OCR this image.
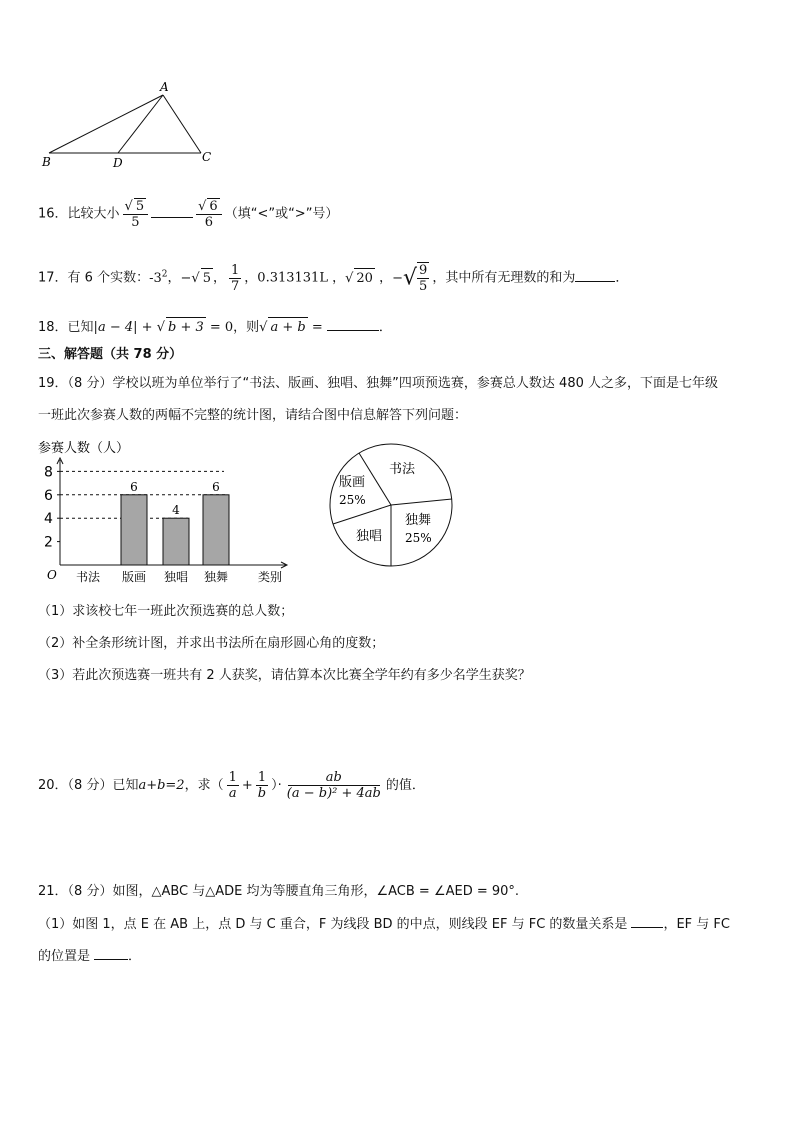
A
B	D	C
16．比较大小 $\frac{√ 5}{5}$	$\frac{√ 6}{6}$ （填“<”或“>”号）
17．有 6 个实数：$-3^2$，−√ 5 ， $\frac{1}{7}$ ，0.313131L ，√ 20 ，−√ $\frac{9}{5}$ ，其中所有无理数的和为	．
18．已知|a − 4| + √ b + 3 = 0，则√ a + b =	．
三、解答题（共 78 分）
19．（8 分）学校以班为单位举行了“书法、版画、独唱、独舞”四项预选赛，参赛总人数达 480 人之多，下面是七年级
一班此次参赛人数的两幅不完整的统计图，请结合图中信息解答下列问题：
参赛人数（人）
O
2
4
6
8
书法 版画
6
独唱
4
独舞
6
类别
书法
独舞
25%
独唱
版画
25%
（1）求该校七年一班此次预选赛的总人数；
（2）补全条形统计图，并求出书法所在扇形圆心角的度数；
（3）若此次预选赛一班共有 2 人获奖，请估算本次比赛全学年约有多少名学生获奖？
20．（8 分）已知a+b=2，求（ $\frac{1}{a} + \frac{1}{b}$ ）· $\frac{ab}{\text{(a − b)² + 4ab}}$ 的值．
21．（8 分）如图，△ABC 与△ADE 均为等腰直角三角形，∠ACB = ∠AED = 90°.
（1）如图 1，点 E 在 AB 上，点 D 与 C 重合，F 为线段 BD 的中点，则线段 EF 与 FC 的数量关系是	，EF 与 FC
的位置是	．
